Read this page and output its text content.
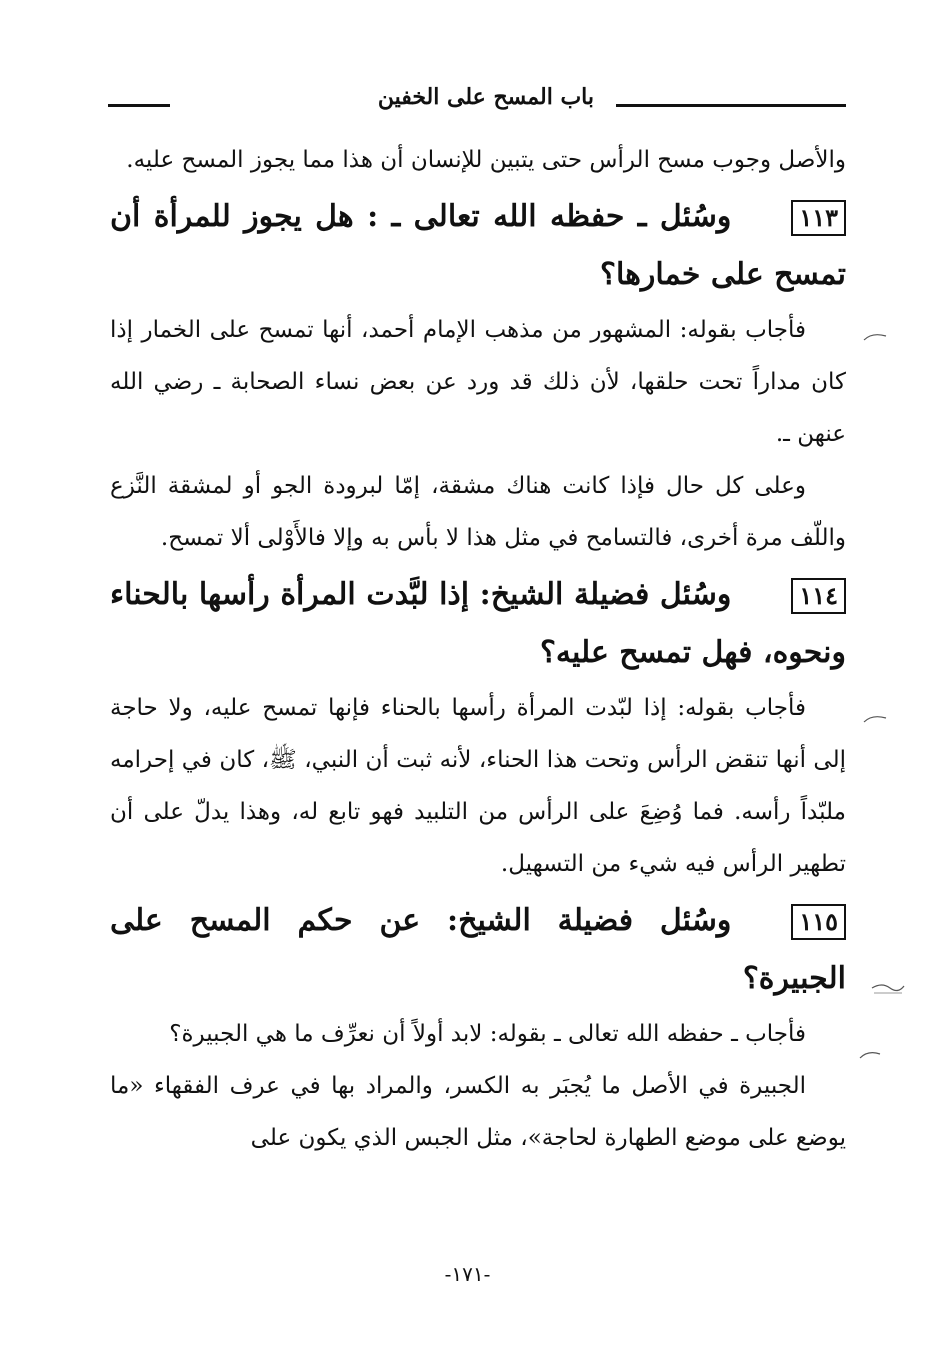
باب المسح على الخفين

والأصل وجوب مسح الرأس حتى يتبين للإنسان أن هذا مما يجوز المسح عليه.

١١٣وسُئل ـ حفظه الله تعالى ـ : هل يجوز للمرأة أن تمسح على خمارها؟

فأجاب بقوله: المشهور من مذهب الإمام أحمد، أنها تمسح على الخمار إذا كان مداراً تحت حلقها، لأن ذلك قد ورد عن بعض نساء الصحابة ـ رضي الله عنهن ـ.

وعلى كل حال فإذا كانت هناك مشقة، إمّا لبرودة الجو أو لمشقة النَّزع واللّف مرة أخرى، فالتسامح في مثل هذا لا بأس به وإلا فالأَوْلى ألا تمسح.

١١٤وسُئل فضيلة الشيخ: إذا لبَّدت المرأة رأسها بالحناء ونحوه، فهل تمسح عليه؟

فأجاب بقوله: إذا لبّدت المرأة رأسها بالحناء فإنها تمسح عليه، ولا حاجة إلى أنها تنقض الرأس وتحت هذا الحناء، لأنه ثبت أن النبي، ﷺ، كان في إحرامه ملبّداً رأسه. فما وُضِعَ على الرأس من التلبيد فهو تابع له، وهذا يدلّ على أن تطهير الرأس فيه شيء من التسهيل.

١١٥وسُئل فضيلة الشيخ: عن حكم المسح على الجبيرة؟

فأجاب ـ حفظه الله تعالى ـ بقوله: لابد أولاً أن نعرِّف ما هي الجبيرة؟

الجبيرة في الأصل ما يُجبَر به الكسر، والمراد بها في عرف الفقهاء «ما يوضع على موضع الطهارة لحاجة»، مثل الجبس الذي يكون على

-١٧١-
